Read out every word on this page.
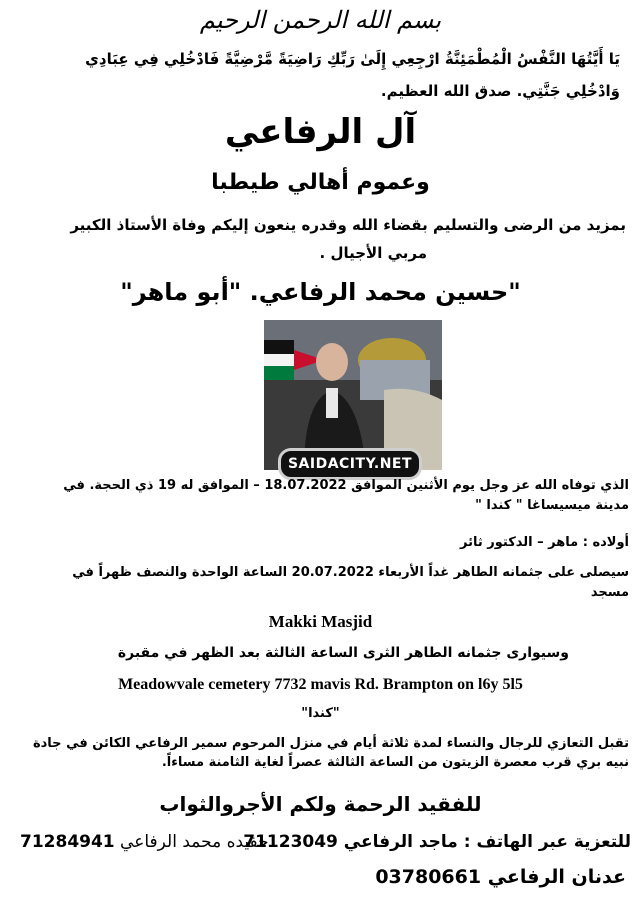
بسم الله الرحمن الرحيم
يَا أَيَّتُهَا النَّفْسُ الْمُطْمَئِنَّةُ ارْجِعِي إِلَىٰ رَبِّكِ رَاضِيَةً مَّرْضِيَّةً فَادْخُلِي فِي عِبَادِي
وَادْخُلِي جَنَّتِي. صدق الله العظيم.
آل الرفاعي
وعموم أهالي طيطبا
بمزيد من الرضى والتسليم بقضاء الله وقدره ينعون إليكم وفاة الأستاذ الكبير
مربي الأجيال .
"حسين محمد الرفاعي. "أبو ماهر"
SAIDACITY.NET
الذي توفاه الله عز وجل يوم الأثنين الموافق 18.07.2022 – الموافق له 19 ذي الحجة. في
مدينة ميسيساغا " كندا "
أولاده : ماهر – الدكتور ثائر
سيصلى على جثمانه الطاهر غداً الأربعاء 20.07.2022 الساعة الواحدة والنصف ظهراً في
مسجد
Makki Masjid
وسيوارى جثمانه الطاهر الثرى الساعة الثالثة بعد الظهر في مقبرة
Meadowvale cemetery 7732 mavis Rd. Brampton on l6y 5l5
"كندا"
تقبل التعازي للرجال والنساء لمدة ثلاثة أيام في منزل المرحوم سمير الرفاعي الكائن في جادة
نبيه بري قرب معصرة الزيتون من الساعة الثالثة عصراً لغاية الثامنة مساءاً.
للفقيد الرحمة ولكم الأجروالثواب
للتعزية عبر الهاتف : ماجد الرفاعي 71123049
71284941 حفيده محمد الرفاعي
عدنان الرفاعي 03780661
